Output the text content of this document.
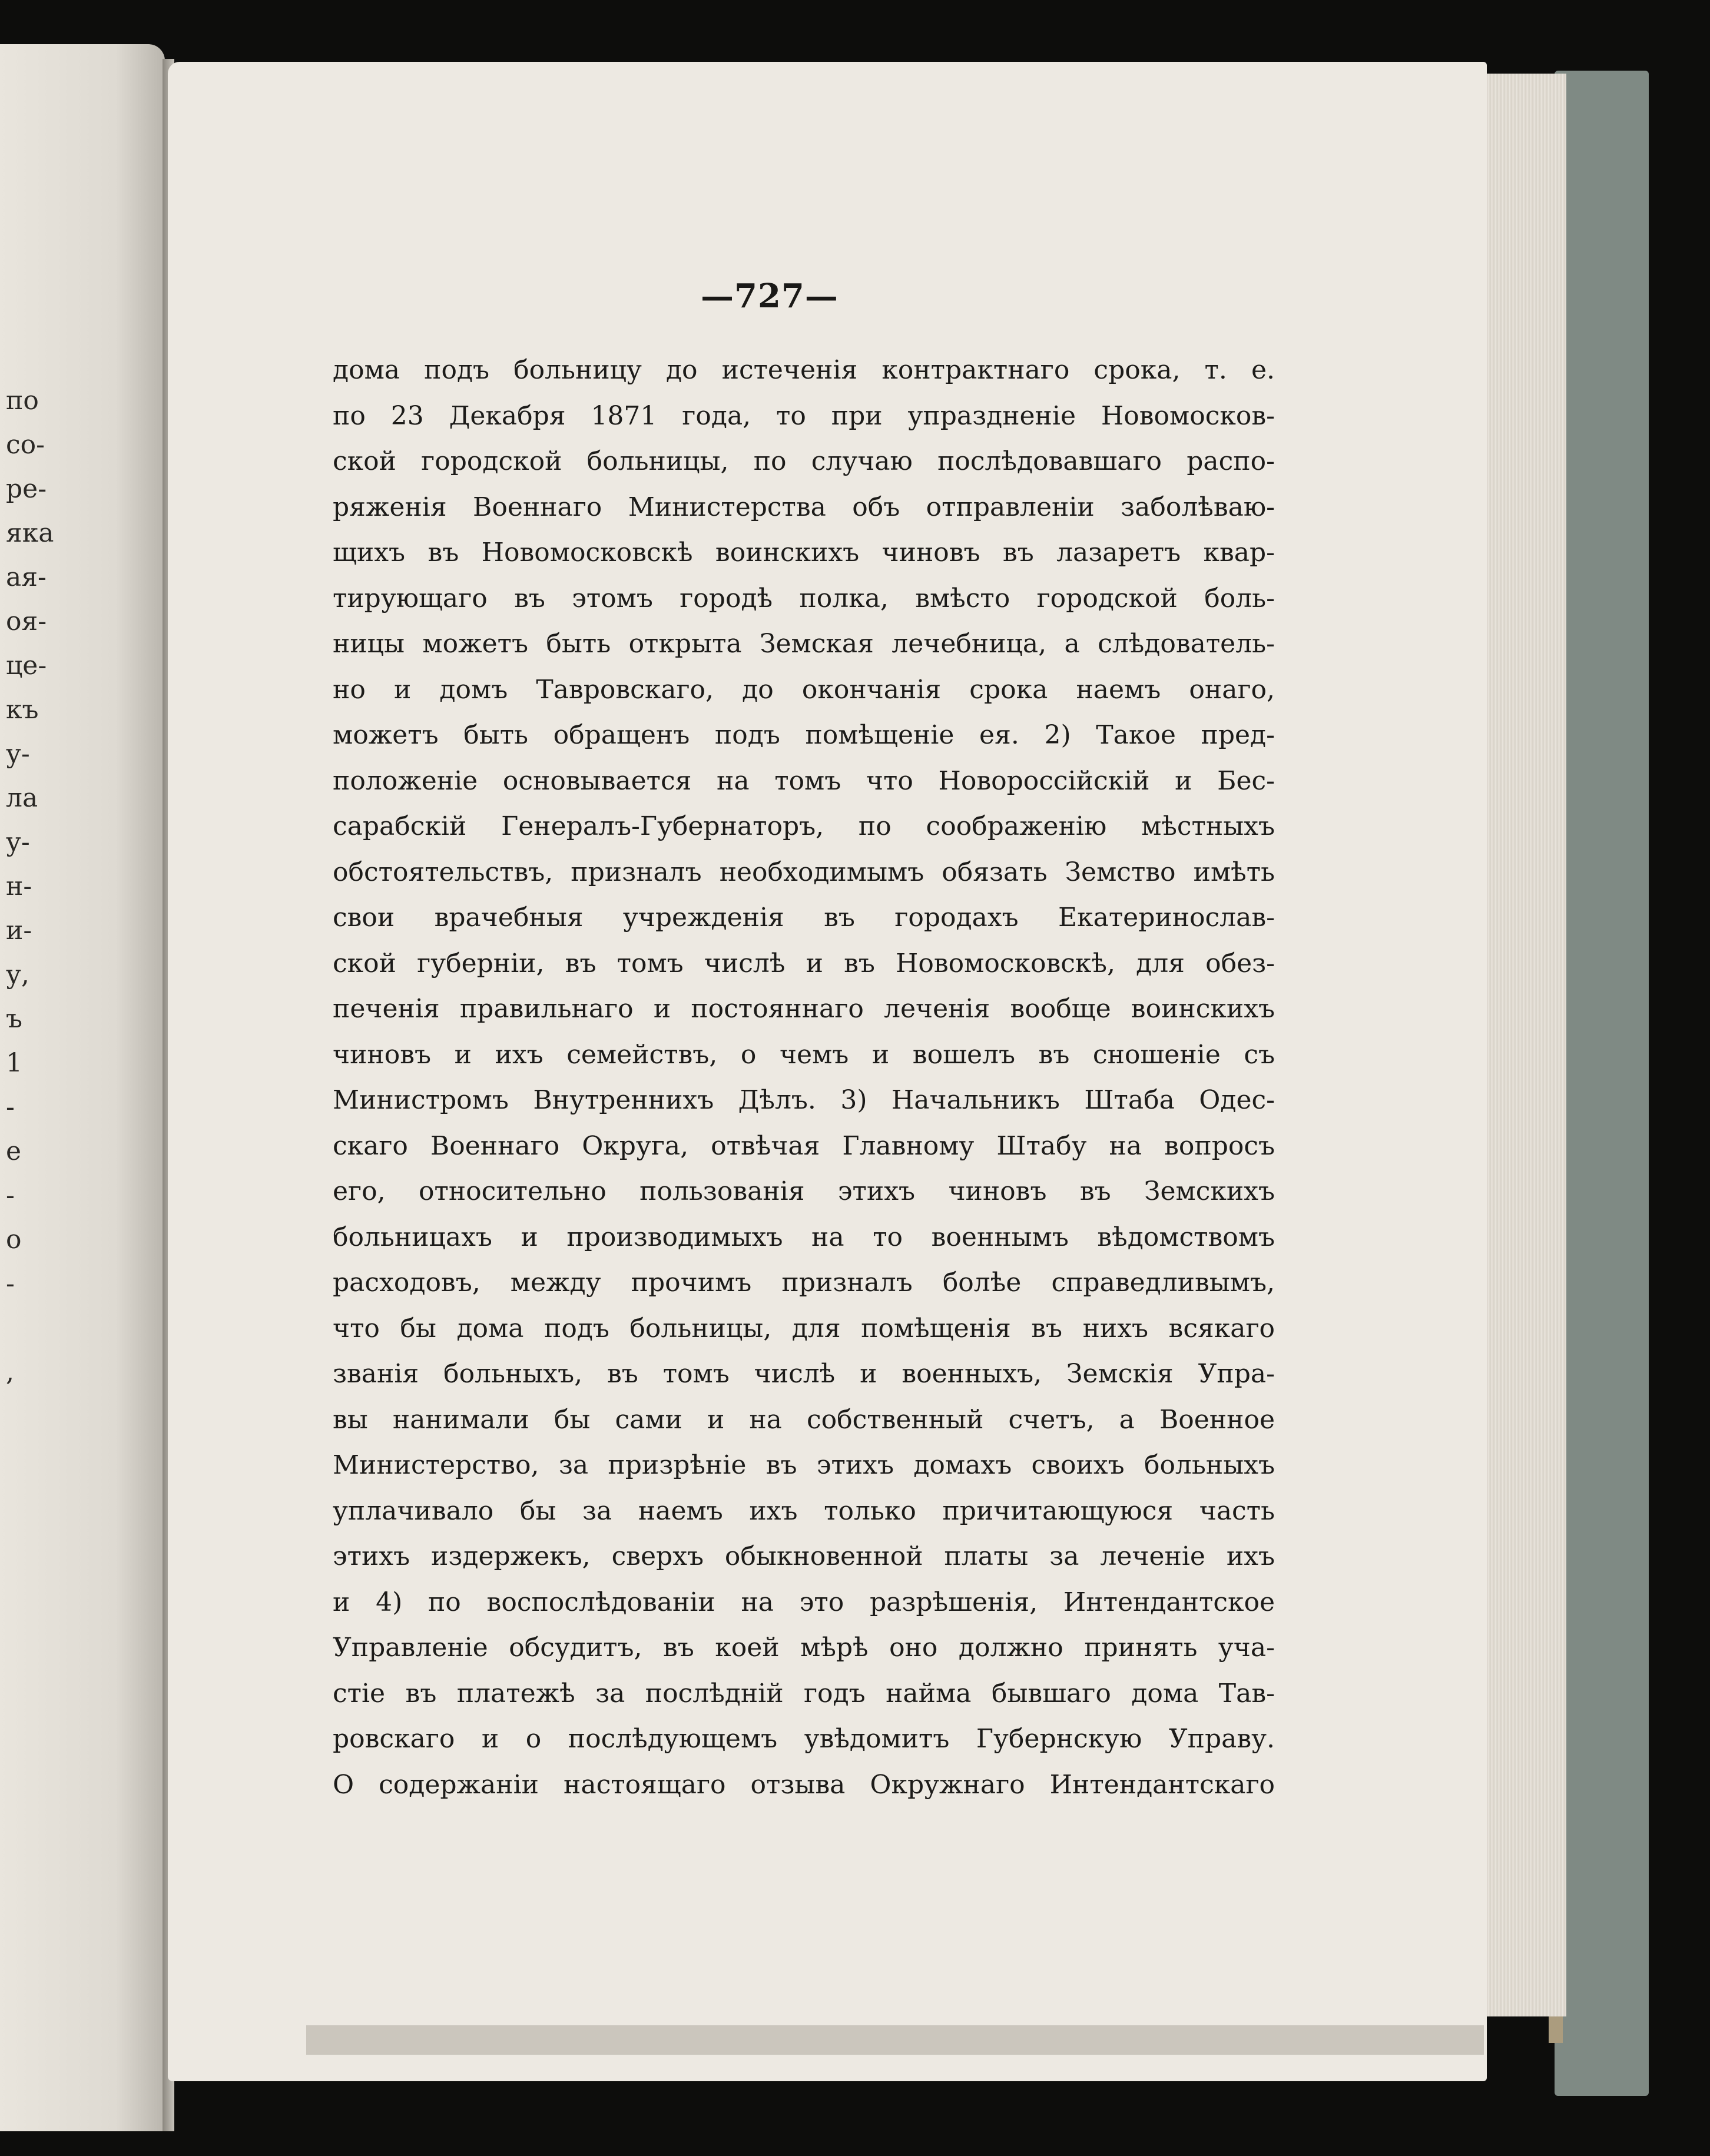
по
со-
ре-
яка
ая-
оя-
це-
къ
у-
ла
у-
н-
и-
у,
ъ
1
-
е
-
о
-
,
—727—
дома подъ больницу до истеченія контрактнаго срока, т. е.
по 23 Декабря 1871 года, то при упраздненіе Новомосков-
ской городской больницы, по случаю послѣдовавшаго распо-
ряженія Военнаго Министерства объ отправленіи заболѣваю-
щихъ въ Новомосковскѣ воинскихъ чиновъ въ лазаретъ квар-
тирующаго въ этомъ городѣ полка, вмѣсто городской боль-
ницы можетъ быть открыта Земская лечебница, а слѣдователь-
но и домъ Тавровскаго, до окончанія срока наемъ онаго,
можетъ быть обращенъ подъ помѣщеніе ея. 2) Такое пред-
положеніе основывается на томъ что Новороссійскій и Бес-
сарабскій Генералъ-Губернаторъ, по соображенію мѣстныхъ
обстоятельствъ, призналъ необходимымъ обязать Земство имѣть
свои врачебныя учрежденія въ городахъ Екатеринослав-
ской губерніи, въ томъ числѣ и въ Новомосковскѣ, для обез-
печенія правильнаго и постояннаго леченія вообще воинскихъ
чиновъ и ихъ семействъ, о чемъ и вошелъ въ сношеніе съ
Министромъ Внутреннихъ Дѣлъ. 3) Начальникъ Штаба Одес-
скаго Военнаго Округа, отвѣчая Главному Штабу на вопросъ
его, относительно пользованія этихъ чиновъ въ Земскихъ
больницахъ и производимыхъ на то военнымъ вѣдомствомъ
расходовъ, между прочимъ призналъ болѣе справедливымъ,
что бы дома подъ больницы, для помѣщенія въ нихъ всякаго
званія больныхъ, въ томъ числѣ и военныхъ, Земскія Упра-
вы нанимали бы сами и на собственный счетъ, а Военное
Министерство, за призрѣніе въ этихъ домахъ своихъ больныхъ
уплачивало бы за наемъ ихъ только причитающуюся часть
этихъ издержекъ, сверхъ обыкновенной платы за леченіе ихъ
и 4) по воспослѣдованіи на это разрѣшенія, Интендантское
Управленіе обсудитъ, въ коей мѣрѣ оно должно принять уча-
стіе въ платежѣ за послѣдній годъ найма бывшаго дома Тав-
ровскаго и о послѣдующемъ увѣдомитъ Губернскую Управу.
О содержаніи настоящаго отзыва Окружнаго Интендантскаго
